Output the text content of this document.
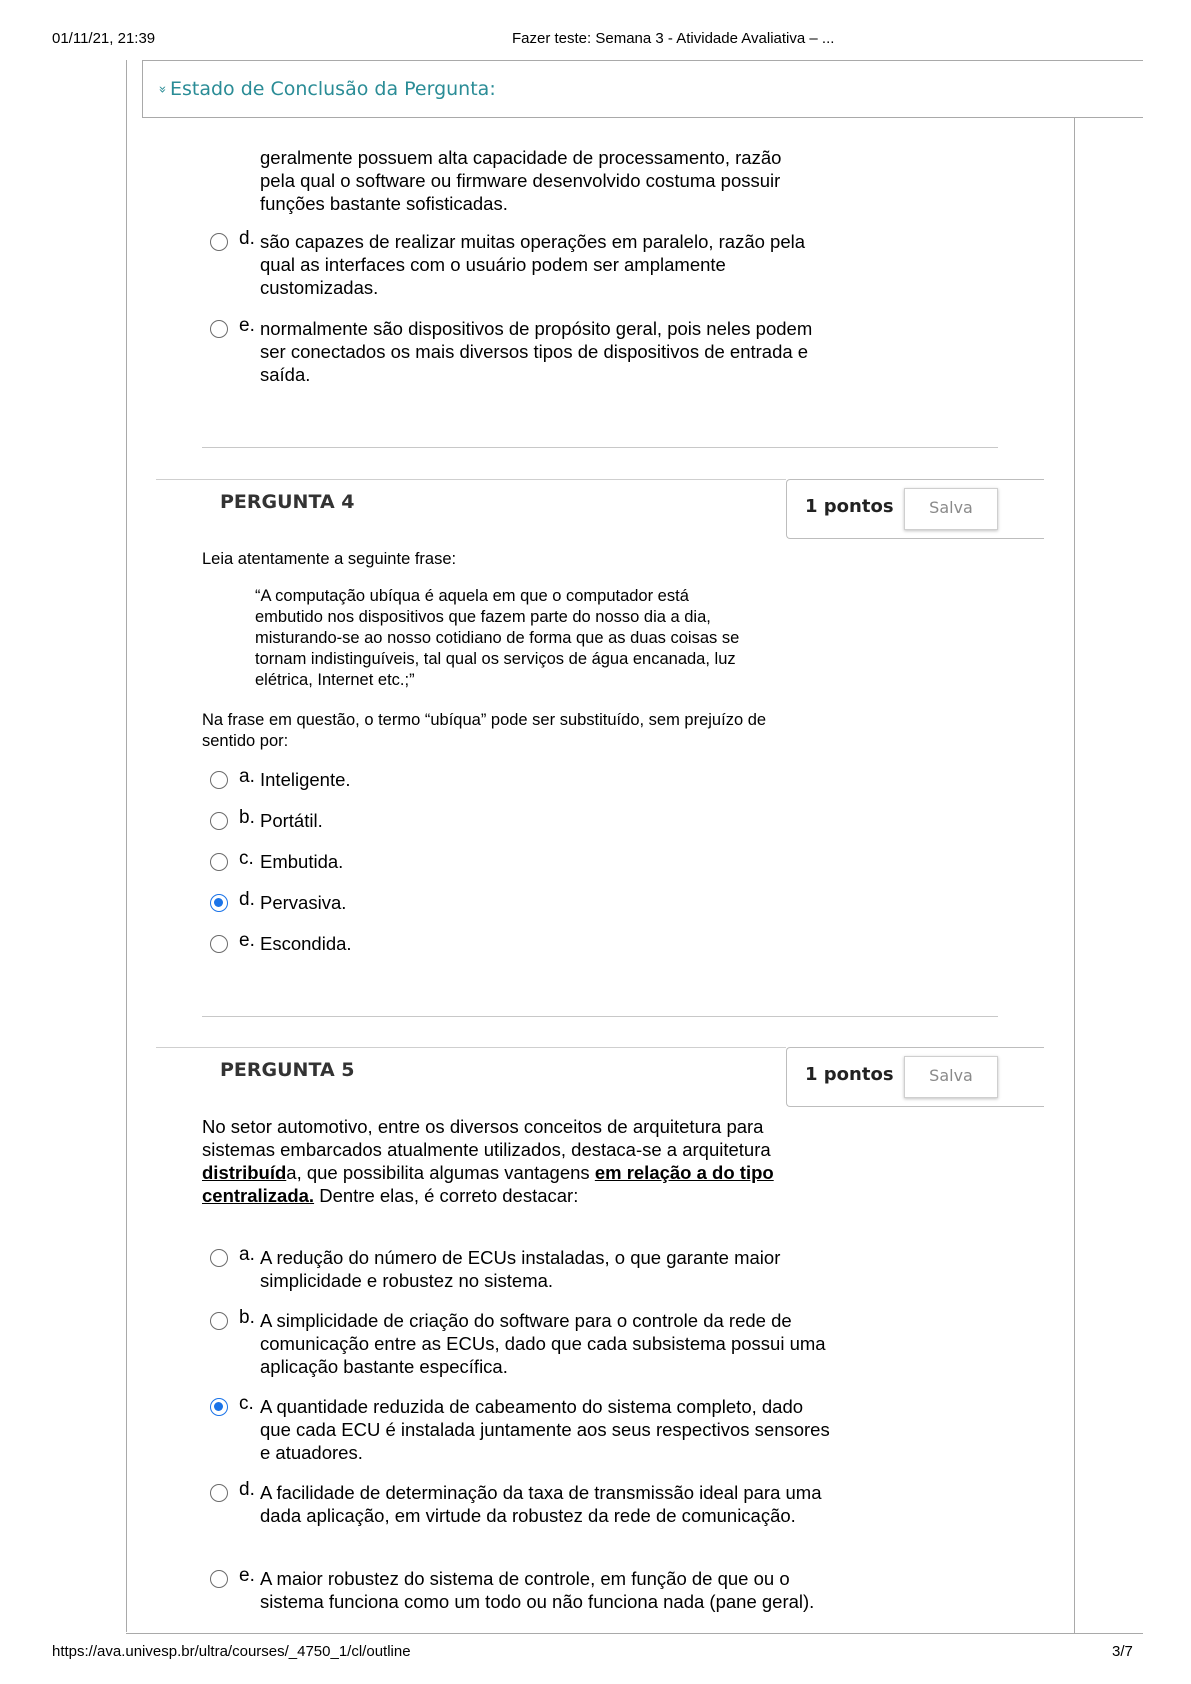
01/11/21, 21:39	Fazer teste: Semana 3 - Atividade Avaliativa – ...
»Estado de Conclusão da Pergunta:
geralmente possuem alta capacidade de processamento, razão pela qual o software ou firmware desenvolvido costuma possuir funções bastante sofisticadas.
d. são capazes de realizar muitas operações em paralelo, razão pela qual as interfaces com o usuário podem ser amplamente customizadas.
e. normalmente são dispositivos de propósito geral, pois neles podem ser conectados os mais diversos tipos de dispositivos de entrada e saída.
PERGUNTA 4	1 pontos	Salva
Leia atentamente a seguinte frase:
“A computação ubíqua é aquela em que o computador está embutido nos dispositivos que fazem parte do nosso dia a dia, misturando-se ao nosso cotidiano de forma que as duas coisas se tornam indistinguíveis, tal qual os serviços de água encanada, luz elétrica, Internet etc.;”
Na frase em questão, o termo “ubíqua” pode ser substituído, sem prejuízo de sentido por:
a. Inteligente.
b. Portátil.
c. Embutida.
d. Pervasiva.
e. Escondida.
PERGUNTA 5	1 pontos	Salva
No setor automotivo, entre os diversos conceitos de arquitetura para sistemas embarcados atualmente utilizados, destaca-se a arquitetura distribuída, que possibilita algumas vantagens em relação a do tipo centralizada. Dentre elas, é correto destacar:
a. A redução do número de ECUs instaladas, o que garante maior simplicidade e robustez no sistema.
b. A simplicidade de criação do software para o controle da rede de comunicação entre as ECUs, dado que cada subsistema possui uma aplicação bastante específica.
c. A quantidade reduzida de cabeamento do sistema completo, dado que cada ECU é instalada juntamente aos seus respectivos sensores e atuadores.
d. A facilidade de determinação da taxa de transmissão ideal para uma dada aplicação, em virtude da robustez da rede de comunicação.
e. A maior robustez do sistema de controle, em função de que ou o sistema funciona como um todo ou não funciona nada (pane geral).
https://ava.univesp.br/ultra/courses/_4750_1/cl/outline	3/7
